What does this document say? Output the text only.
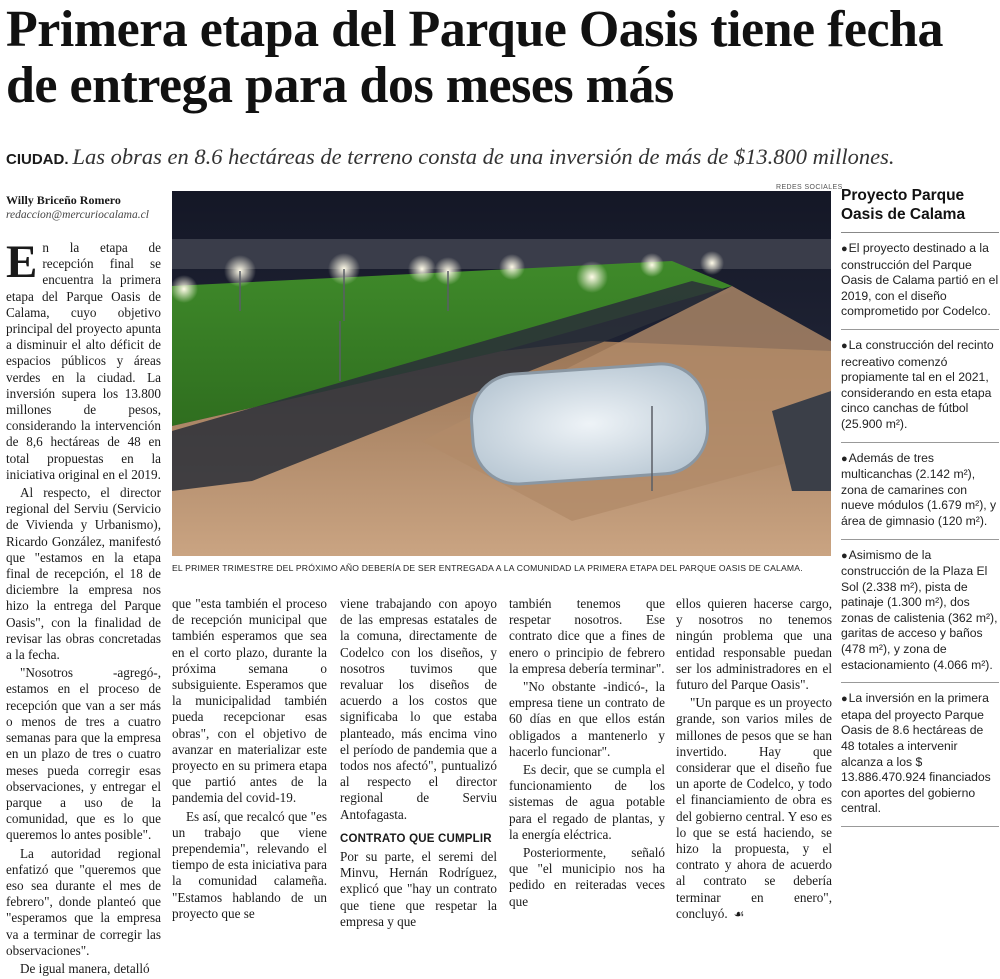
Primera etapa del Parque Oasis tiene fecha de entrega para dos meses más
CIUDAD. Las obras en 8.6 hectáreas de terreno consta de una inversión de más de $13.800 millones.
Willy Briceño Romero
redaccion@mercuriocalama.cl

En la etapa de recepción final se encuentra la primera etapa del Parque Oasis de Calama, cuyo objetivo principal del proyecto apunta a disminuir el alto déficit de espacios públicos y áreas verdes en la ciudad. La inversión supera los 13.800 millones de pesos, considerando la intervención de 8,6 hectáreas de 48 en total propuestas en la iniciativa original en el 2019.

Al respecto, el director regional del Serviu (Servicio de Vivienda y Urbanismo), Ricardo González, manifestó que "estamos en la etapa final de recepción, el 18 de diciembre la empresa nos hizo la entrega del Parque Oasis", con la finalidad de revisar las obras concretadas a la fecha.

"Nosotros -agregó-, estamos en el proceso de recepción que van a ser más o menos de tres a cuatro semanas para que la empresa en un plazo de tres o cuatro meses pueda corregir esas observaciones, y entregar el parque a uso de la comunidad, que es lo que queremos lo antes posible".

La autoridad regional enfatizó que "queremos que eso sea durante el mes de febrero", donde planteó que "esperamos que la empresa va a terminar de corregir las observaciones".

De igual manera, detalló

REDES SOCIALES
EL PRIMER TRIMESTRE DEL PRÓXIMO AÑO DEBERÍA DE SER ENTREGADA A LA COMUNIDAD LA PRIMERA ETAPA DEL PARQUE OASIS DE CALAMA.

que "esta también el proceso de recepción municipal que también esperamos que sea en el corto plazo, durante la próxima semana o subsiguiente. Esperamos que la municipalidad también pueda recepcionar esas obras", con el objetivo de avanzar en materializar este proyecto en su primera etapa que partió antes de la pandemia del covid-19.

Es así, que recalcó que "es un trabajo que viene prependemia", relevando el tiempo de esta iniciativa para la comunidad calameña. "Estamos hablando de un proyecto que se

viene trabajando con apoyo de las empresas estatales de la comuna, directamente de Codelco con los diseños, y nosotros tuvimos que revaluar los diseños de acuerdo a los costos que significaba lo que estaba planteado, más encima vino el período de pandemia que a todos nos afectó", puntualizó al respecto el director regional de Serviu Antofagasta.

CONTRATO QUE CUMPLIR

Por su parte, el seremi del Minvu, Hernán Rodríguez, explicó que "hay un contrato que tiene que respetar la empresa y que

también tenemos que respetar nosotros. Ese contrato dice que a fines de enero o principio de febrero la empresa debería terminar".

"No obstante -indicó-, la empresa tiene un contrato de 60 días en que ellos están obligados a mantenerlo y hacerlo funcionar".

Es decir, que se cumpla el funcionamiento de los sistemas de agua potable para el regado de plantas, y la energía eléctrica.

Posteriormente, señaló que "el municipio nos ha pedido en reiteradas veces que

ellos quieren hacerse cargo, y nosotros no tenemos ningún problema que una entidad responsable puedan ser los administradores en el futuro del Parque Oasis".

"Un parque es un proyecto grande, son varios miles de millones de pesos que se han invertido. Hay que considerar que el diseño fue un aporte de Codelco, y todo el financiamiento de obra es del gobierno central. Y eso es lo que se está haciendo, se hizo la propuesta, y el contrato y ahora de acuerdo al contrato se debería terminar en enero", concluyó. ☙

Proyecto Parque Oasis de Calama
●El proyecto destinado a la construcción del Parque Oasis de Calama partió en el 2019, con el diseño comprometido por Codelco.
●La construcción del recinto recreativo comenzó propiamente tal en el 2021, considerando en esta etapa cinco canchas de fútbol (25.900 m²).
●Además de tres multicanchas (2.142 m²), zona de camarines con nueve módulos (1.679 m²), y área de gimnasio (120 m²).
●Asimismo de la construcción de la Plaza El Sol (2.338 m²), pista de patinaje (1.300 m²), dos zonas de calistenia (362 m²), garitas de acceso y baños (478 m²), y zona de estacionamiento (4.066 m²).
●La inversión en la primera etapa del proyecto Parque Oasis de 8.6 hectáreas de 48 totales a intervenir alcanza a los $ 13.886.470.924 financiados con aportes del gobierno central.
